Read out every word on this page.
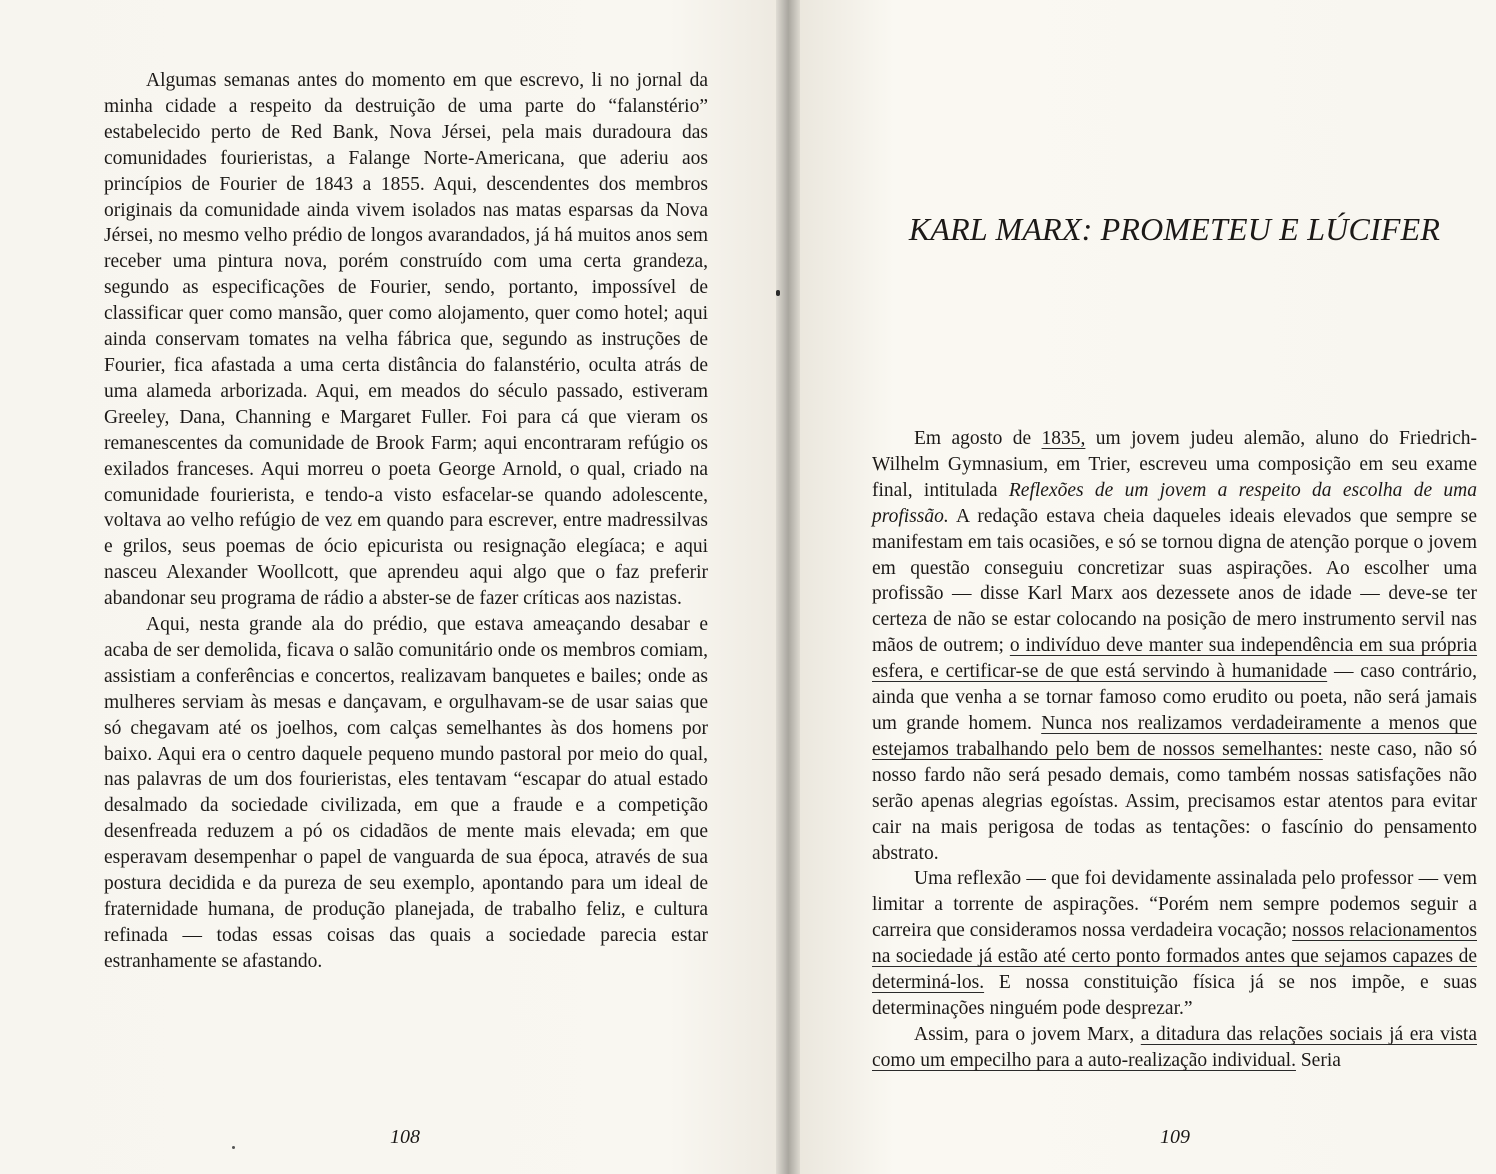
Algumas semanas antes do momento em que escrevo, li no jornal da minha cidade a respeito da destruição de uma parte do “falanstério” estabelecido perto de Red Bank, Nova Jérsei, pela mais duradoura das comunidades fourieristas, a Falange Norte-Americana, que aderiu aos princípios de Fourier de 1843 a 1855. Aqui, descendentes dos membros originais da comunidade ainda vivem isolados nas matas esparsas da Nova Jérsei, no mesmo velho prédio de longos avarandados, já há muitos anos sem receber uma pintura nova, porém construído com uma certa grandeza, segundo as especificações de Fourier, sendo, portanto, impossível de classificar quer como mansão, quer como alojamento, quer como hotel; aqui ainda conservam tomates na velha fábrica que, segundo as instruções de Fourier, fica afastada a uma certa distância do falanstério, oculta atrás de uma alameda arborizada. Aqui, em meados do século passado, estiveram Greeley, Dana, Channing e Margaret Fuller. Foi para cá que vieram os remanescentes da comunidade de Brook Farm; aqui encontraram refúgio os exilados franceses. Aqui morreu o poeta George Arnold, o qual, criado na comunidade fourierista, e tendo-a visto esfacelar-se quando adolescente, voltava ao velho refúgio de vez em quando para escrever, entre madressilvas e grilos, seus poemas de ócio epicurista ou resignação elegíaca; e aqui nasceu Alexander Woollcott, que aprendeu aqui algo que o faz preferir abandonar seu programa de rádio a abster-se de fazer críticas aos nazistas.

Aqui, nesta grande ala do prédio, que estava ameaçando desabar e acaba de ser demolida, ficava o salão comunitário onde os membros comiam, assistiam a conferências e concertos, realizavam banquetes e bailes; onde as mulheres serviam às mesas e dançavam, e orgulhavam-se de usar saias que só chegavam até os joelhos, com calças semelhantes às dos homens por baixo. Aqui era o centro daquele pequeno mundo pastoral por meio do qual, nas palavras de um dos fourieristas, eles tentavam “escapar do atual estado desalmado da sociedade civilizada, em que a fraude e a competição desenfreada reduzem a pó os cidadãos de mente mais elevada; em que esperavam desempenhar o papel de vanguarda de sua época, através de sua postura decidida e da pureza de seu exemplo, apontando para um ideal de fraternidade humana, de produção planejada, de trabalho feliz, e cultura refinada — todas essas coisas das quais a sociedade parecia estar estranhamente se afastando.

108
KARL MARX: PROMETEU E LÚCIFER

Em agosto de 1835, um jovem judeu alemão, aluno do Friedrich-Wilhelm Gymnasium, em Trier, escreveu uma composição em seu exame final, intitulada Reflexões de um jovem a respeito da escolha de uma profissão. A redação estava cheia daqueles ideais elevados que sempre se manifestam em tais ocasiões, e só se tornou digna de atenção porque o jovem em questão conseguiu concretizar suas aspirações. Ao escolher uma profissão — disse Karl Marx aos dezessete anos de idade — deve-se ter certeza de não se estar colocando na posição de mero instrumento servil nas mãos de outrem; o indivíduo deve manter sua independência em sua própria esfera, e certificar-se de que está servindo à humanidade — caso contrário, ainda que venha a se tornar famoso como erudito ou poeta, não será jamais um grande homem. Nunca nos realizamos verdadeiramente a menos que estejamos trabalhando pelo bem de nossos semelhantes: neste caso, não só nosso fardo não será pesado demais, como também nossas satisfações não serão apenas alegrias egoístas. Assim, precisamos estar atentos para evitar cair na mais perigosa de todas as tentações: o fascínio do pensamento abstrato.

Uma reflexão — que foi devidamente assinalada pelo professor — vem limitar a torrente de aspirações. “Porém nem sempre podemos seguir a carreira que consideramos nossa verdadeira vocação; nossos relacionamentos na sociedade já estão até certo ponto formados antes que sejamos capazes de determiná-los. E nossa constituição física já se nos impõe, e suas determinações ninguém pode desprezar.”

Assim, para o jovem Marx, a ditadura das relações sociais já era vista como um empecilho para a auto-realização individual. Seria

109
